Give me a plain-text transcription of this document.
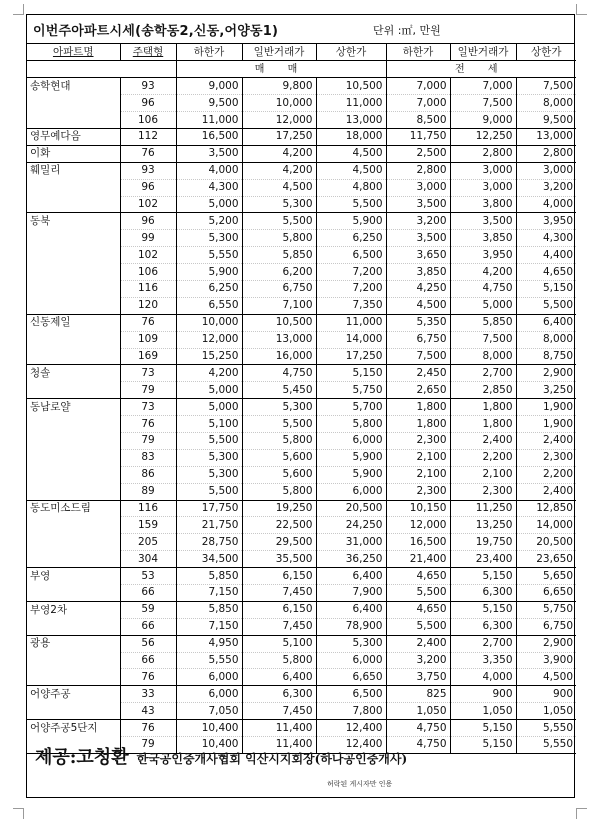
이번주아파트시세(송학동2,신동,어양동1)	단위 :㎡, 만원
아파트명	주택형	하한가	일반거래가	상한가	하한가	일반거래가	상한가
		매 매			전 세		
송학현대	93	9,000	9,800	10,500	7,000	7,000	7,500
	96	9,500	10,000	11,000	7,000	7,500	8,000
	106	11,000	12,000	13,000	8,500	9,000	9,500
영무예다음	112	16,500	17,250	18,000	11,750	12,250	13,000
이화	76	3,500	4,200	4,500	2,500	2,800	2,800
훼밀리	93	4,000	4,200	4,500	2,800	3,000	3,000
	96	4,300	4,500	4,800	3,000	3,000	3,200
	102	5,000	5,300	5,500	3,500	3,800	4,000
동북	96	5,200	5,500	5,900	3,200	3,500	3,950
	99	5,300	5,800	6,250	3,500	3,850	4,300
	102	5,550	5,850	6,500	3,650	3,950	4,400
	106	5,900	6,200	7,200	3,850	4,200	4,650
	116	6,250	6,750	7,200	4,250	4,750	5,150
	120	6,550	7,100	7,350	4,500	5,000	5,500
신동제일	76	10,000	10,500	11,000	5,350	5,850	6,400
	109	12,000	13,000	14,000	6,750	7,500	8,000
	169	15,250	16,000	17,250	7,500	8,000	8,750
청솔	73	4,200	4,750	5,150	2,450	2,700	2,900
	79	5,000	5,450	5,750	2,650	2,850	3,250
동남로얄	73	5,000	5,300	5,700	1,800	1,800	1,900
	76	5,100	5,500	5,800	1,800	1,800	1,900
	79	5,500	5,800	6,000	2,300	2,400	2,400
	83	5,300	5,600	5,900	2,100	2,200	2,300
	86	5,300	5,600	5,900	2,100	2,100	2,200
	89	5,500	5,800	6,000	2,300	2,300	2,400
동도미소드림	116	17,750	19,250	20,500	10,150	11,250	12,850
	159	21,750	22,500	24,250	12,000	13,250	14,000
	205	28,750	29,500	31,000	16,500	19,750	20,500
	304	34,500	35,500	36,250	21,400	23,400	23,650
부영	53	5,850	6,150	6,400	4,650	5,150	5,650
	66	7,150	7,450	7,900	5,500	6,300	6,650
부영2차	59	5,850	6,150	6,400	4,650	5,150	5,750
	66	7,150	7,450	78,900	5,500	6,300	6,750
광용	56	4,950	5,100	5,300	2,400	2,700	2,900
	66	5,550	5,800	6,000	3,200	3,350	3,900
	76	6,000	6,400	6,650	3,750	4,000	4,500
어양주공	33	6,000	6,300	6,500	825	900	900
	43	7,050	7,450	7,800	1,050	1,050	1,050
어양주공5단지	76	10,400	11,400	12,400	4,750	5,150	5,550
	79	10,400	11,400	12,400	4,750	5,150	5,550
제공:고청환 한국공인중개사협회 익산시지회장(하나공인중개사)
허락된 게시자만 인용
